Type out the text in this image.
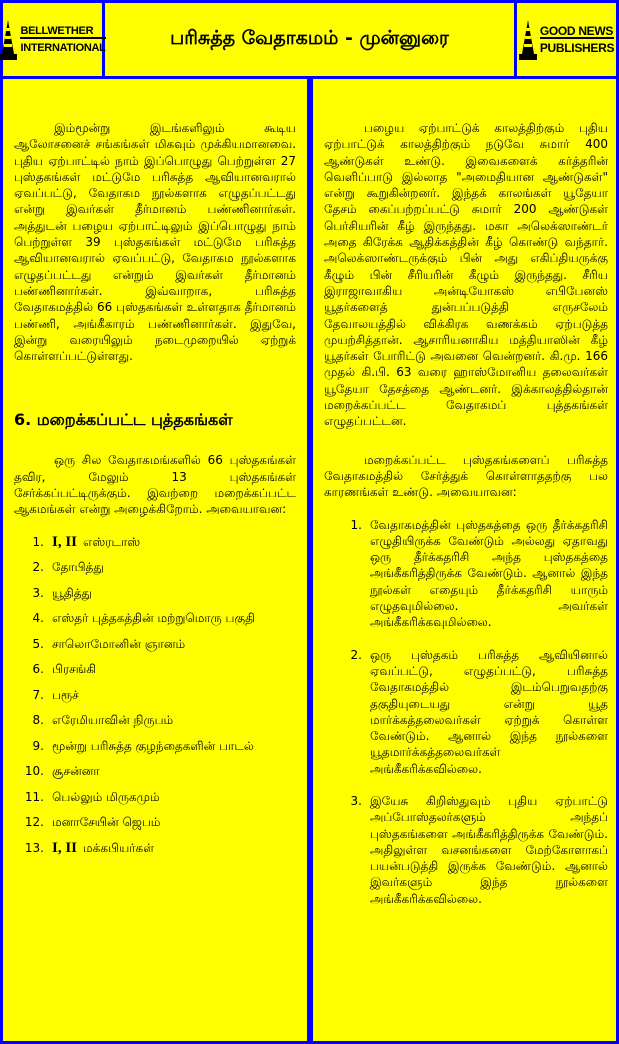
BELLWETHER
INTERNATIONAL	பரிசுத்த வேதாகமம் - முன்னுரை	GOOD NEWS
PUBLISHERS

இம்மூன்று இடங்களிலும் கூடிய ஆலோசனைச் சங்கங்கள் மிகவும் முக்கியமானவை. புதிய ஏற்பாட்டில் நாம் இப்பொழுது பெற்றுள்ள 27 புஸ்தகங்கள் மட்டுமே பரிசுத்த ஆவியானவரால் ஏவப்பட்டு, வேதாகம நூல்களாக எழுதப்பட்டது என்று இவர்கள் தீர்மானம் பண்ணினார்கள். அத்துடன் பழைய ஏற்பாட்டிலும் இப்பொழுது நாம் பெற்றுள்ள 39 புஸ்தகங்கள் மட்டுமே பரிசுத்த ஆவியானவரால் ஏவப்பட்டு, வேதாகம நூல்களாக எழுதப்பட்டது என்றும் இவர்கள் தீர்மானம் பண்ணினார்கள். இவ்வாறாக, பரிசுத்த வேதாகமத்தில் 66 புஸ்தகங்கள் உள்ளதாக தீர்மானம் பண்ணி, அங்கீகாரம் பண்ணினார்கள். இதுவே, இன்று வரையிலும் நடைமுறையில் ஏற்றுக் கொள்ளப்பட்டுள்ளது.

6. மறைக்கப்பட்ட புத்தகங்கள்

ஒரு சில வேதாகமங்களில் 66 புஸ்தகங்கள் தவிர, மேலும் 13 புஸ்தகங்கள் சேர்க்கப்பட்டிருக்கும். இவற்றை மறைக்கப்பட்ட ஆகமங்கள் என்று அழைக்கிறோம். அவையாவன:

1. I, II எஸ்ரடாஸ்
2. தோபித்து
3. யூதித்து
4. எஸ்தர் புத்தகத்தின் மற்றுமொரு பகுதி
5. சாலொமோனின் ஞானம்
6. பிரசங்கி
7. பரூச்
8. எரேமியாவின் நிருபம்
9. மூன்று பரிசுத்த குழந்தைகளின் பாடல்
10. சூசன்னா
11. பெல்லும் மிருகமும்
12. மனாசேயின் ஜெபம்
13. I, II மக்கபியர்கள்

பழைய ஏற்பாட்டுக் காலத்திற்கும் புதிய ஏற்பாட்டுக் காலத்திற்கும் நடுவே சுமார் 400 ஆண்டுகள் உண்டு. இவைகளைக் கர்த்தரின் வெளிப்பாடு இல்லாத "அமைதியான ஆண்டுகள்" என்று கூறுகின்றனர். இந்தக் காலங்கள் யூதேயா தேசம் கைப்பற்றப்பட்டு சுமார் 200 ஆண்டுகள் பெர்சியரின் கீழ் இருந்தது. மகா அலெக்ஸாண்டர் அதை கிரேக்க ஆதிக்கத்தின் கீழ் கொண்டு வந்தார். அலெக்ஸாண்டருக்கும் பின் அது எகிப்தியருக்கு கீழும் பின் சீரியரின் கீழும் இருந்தது. சீரிய இராஜாவாகிய அன்டியோகஸ் எபிபேனஸ் யூதர்களைத் துன்பப்படுத்தி எருசலேம் தேவாலயத்தில் விக்கிரக வணக்கம் ஏற்படுத்த முயற்சித்தான். ஆசாரியனாகிய மத்தியாஸின் கீழ் யூதர்கள் போரிட்டு அவனை வென்றனர். கி.மு. 166 முதல் கி.பி. 63 வரை ஹாஸ்மோனிய தலைவர்கள் யூதேயா தேசத்தை ஆண்டனர். இக்காலத்தில்தான் மறைக்கப்பட்ட வேதாகமப் புத்தகங்கள் எழுதப்பட்டன.

மறைக்கப்பட்ட புஸ்தகங்களைப் பரிசுத்த வேதாகமத்தில் சேர்த்துக் கொள்ளாததற்கு பல காரணங்கள் உண்டு. அவையாவன:

1. வேதாகமத்தின் புஸ்தகத்தை ஒரு தீர்க்கதரிசி எழுதியிருக்க வேண்டும் அல்லது ஏதாவது ஒரு தீர்க்கதரிசி அந்த புஸ்தகத்தை அங்கீகரித்திருக்க வேண்டும். ஆனால் இந்த நூல்கள் எதையும் தீர்க்கதரிசி யாரும் எழுதவுமில்லை. அவர்கள் அங்கீகரிக்கவுமில்லை.
2. ஒரு புஸ்தகம் பரிசுத்த ஆவியினால் ஏவப்பட்டு, எழுதப்பட்டு, பரிசுத்த வேதாகமத்தில் இடம்பெறுவதற்கு தகுதியுடையது என்று யூத மார்க்கத்தலைவர்கள் ஏற்றுக் கொள்ள வேண்டும். ஆனால் இந்த நூல்களை யூதமார்க்கத்தலைவர்கள் அங்கீகரிக்கவில்லை.
3. இயேசு கிறிஸ்துவும் புதிய ஏற்பாட்டு அப்போஸ்தலர்களும் அந்தப் புஸ்தகங்களை அங்கீகரித்திருக்க வேண்டும். அதிலுள்ள வசனங்களை மேற்கோளாகப் பயன்படுத்தி இருக்க வேண்டும். ஆனால் இவர்களும் இந்த நூல்களை அங்கீகரிக்கவில்லை.
